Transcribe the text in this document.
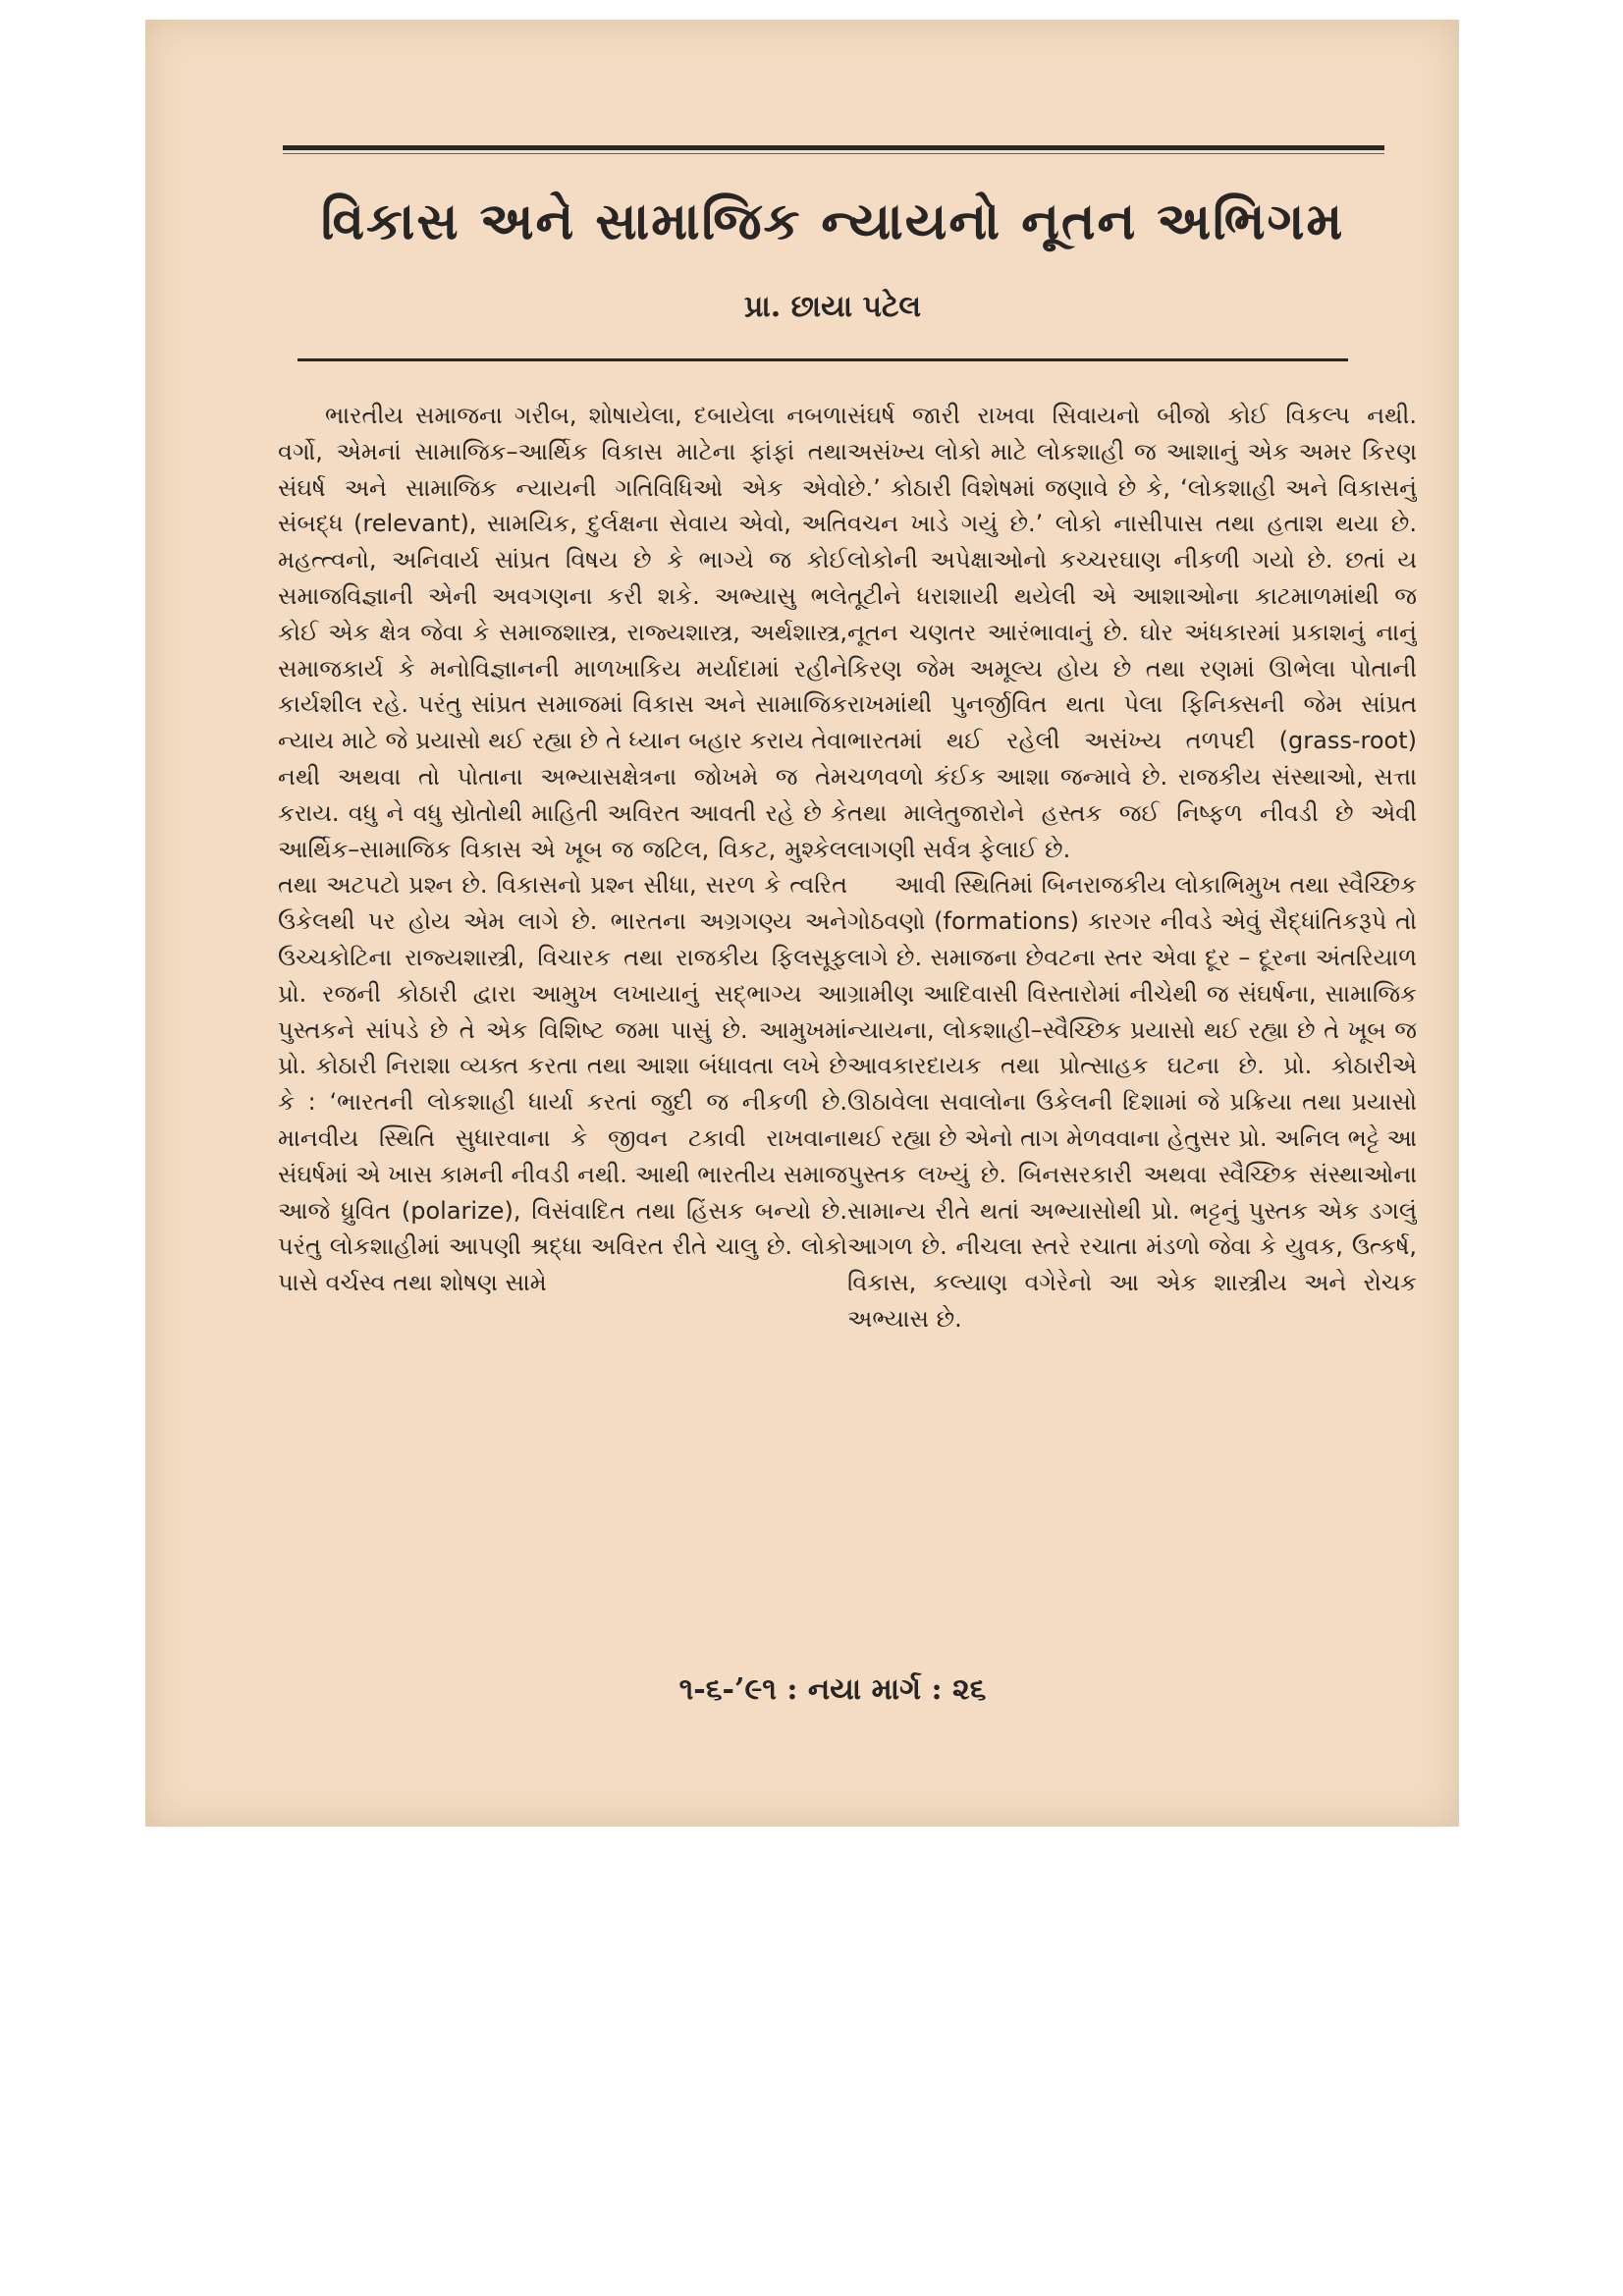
વિકાસ અને સામાજિક ન્યાયનો નૂતન અભિગમ
પ્રા. છાયા પટેલ

ભારતીય સમાજના ગરીબ, શોષાયેલા, દબાયેલા નબળા વર્ગો, એમનાં સામાજિક–આર્થિક વિકાસ માટેના ફાંફાં તથા સંઘર્ષ અને સામાજિક ન્યાયની ગતિવિધિઓ એક એવો સંબદ્ધ (relevant), સામયિક, દુર્લક્ષના સેવાય એવો, અતિ મહત્ત્વનો, અનિવાર્ય સાંપ્રત વિષય છે કે ભાગ્યે જ કોઈ સમાજવિજ્ઞાની એની અવગણના કરી શકે. અભ્યાસુ ભલે કોઈ એક ક્ષેત્ર જેવા કે સમાજશાસ્ત્ર, રાજ્યશાસ્ત્ર, અર્થશાસ્ત્ર, સમાજકાર્ય કે મનોવિજ્ઞાનની માળખાકિય મર્યાદામાં રહીને કાર્યશીલ રહે. પરંતુ સાંપ્રત સમાજમાં વિકાસ અને સામાજિક ન્યાય માટે જે પ્રયાસો થઈ રહ્યા છે તે ધ્યાન બહાર કરાય તેવા નથી અથવા તો પોતાના અભ્યાસક્ષેત્રના જોખમે જ તેમ કરાય. વધુ ને વધુ સ્રોતોથી માહિતી અવિરત આવતી રહે છે કે આર્થિક–સામાજિક વિકાસ એ ખૂબ જ જટિલ, વિકટ, મુશ્કેલ તથા અટપટો પ્રશ્ન છે. વિકાસનો પ્રશ્ન સીધા, સરળ કે ત્વરિત ઉકેલથી પર હોય એમ લાગે છે. ભારતના અગ્રગણ્ય અને ઉચ્ચકોટિના રાજ્યશાસ્ત્રી, વિચારક તથા રાજકીય ફિલસૂફ પ્રો. રજની કોઠારી દ્વારા આમુખ લખાયાનું સદ્ભાગ્ય આ પુસ્તકને સાંપડે છે તે એક વિશિષ્ટ જમા પાસું છે. આમુખમાં પ્રો. કોઠારી નિરાશા વ્યક્ત કરતા તથા આશા બંધાવતા લખે છે કે : ‘ભારતની લોકશાહી ધાર્યા કરતાં જુદી જ નીકળી છે. માનવીય સ્થિતિ સુધારવાના કે જીવન ટકાવી રાખવાના સંઘર્ષમાં એ ખાસ કામની નીવડી નથી. આથી ભારતીય સમાજ આજે ધ્રુવિત (polarize), વિસંવાદિત તથા હિંસક બન્યો છે. પરંતુ લોકશાહીમાં આપણી શ્રદ્ધા અવિરત રીતે ચાલુ છે. લોકો પાસે વર્ચસ્વ તથા શોષણ સામે

સંઘર્ષ જારી રાખવા સિવાયનો બીજો કોઈ વિકલ્પ નથી. અસંખ્ય લોકો માટે લોકશાહી જ આશાનું એક અમર કિરણ છે.’ કોઠારી વિશેષમાં જણાવે છે કે, ‘લોકશાહી અને વિકાસનું વચન ખાડે ગયું છે.’ લોકો નાસીપાસ તથા હતાશ થયા છે. લોકોની અપેક્ષાઓનો કચ્ચરઘાણ નીકળી ગયો છે. છતાં ય તૂટીને ધરાશાયી થયેલી એ આશાઓના કાટમાળમાંથી જ નૂતન ચણતર આરંભાવાનું છે. ઘોર અંધકારમાં પ્રકાશનું નાનું કિરણ જેમ અમૂલ્ય હોય છે તથા રણમાં ઊભેલા પોતાની રાખમાંથી પુનર્જીવિત થતા પેલા ફિનિક્સની જેમ સાંપ્રત ભારતમાં થઈ રહેલી અસંખ્ય તળપદી (grass-root) ચળવળો કંઈક આશા જન્માવે છે. રાજકીય સંસ્થાઓ, સત્તા તથા માલેતુજારોને હસ્તક જઈ નિષ્ફળ નીવડી છે એવી લાગણી સર્વત્ર ફેલાઈ છે.

આવી સ્થિતિમાં બિનરાજકીય લોકાભિમુખ તથા સ્વૈચ્છિક ગોઠવણો (formations) કારગર નીવડે એવું સૈદ્ધાંતિકરૂપે તો લાગે છે. સમાજના છેવટના સ્તર એવા દૂર – દૂરના અંતરિયાળ ગ્રામીણ આદિવાસી વિસ્તારોમાં નીચેથી જ સંઘર્ષના, સામાજિક ન્યાયના, લોકશાહી–સ્વૈચ્છિક પ્રયાસો થઈ રહ્યા છે તે ખૂબ જ આવકારદાયક તથા પ્રોત્સાહક ઘટના છે. પ્રો. કોઠારીએ ઊઠાવેલા સવાલોના ઉકેલની દિશામાં જે પ્રક્રિયા તથા પ્રયાસો થઈ રહ્યા છે એનો તાગ મેળવવાના હેતુસર પ્રો. અનિલ ભટ્ટે આ પુસ્તક લખ્યું છે. બિનસરકારી અથવા સ્વૈચ્છિક સંસ્થાઓના સામાન્ય રીતે થતાં અભ્યાસોથી પ્રો. ભટ્ટનું પુસ્તક એક ડગલું આગળ છે. નીચલા સ્તરે રચાતા મંડળો જેવા કે યુવક, ઉત્કર્ષ, વિકાસ, કલ્યાણ વગેરેનો આ એક શાસ્ત્રીય અને રોચક અભ્યાસ છે.

૧-૬-’૯૧ : નયા માર્ગ : ૨૬
